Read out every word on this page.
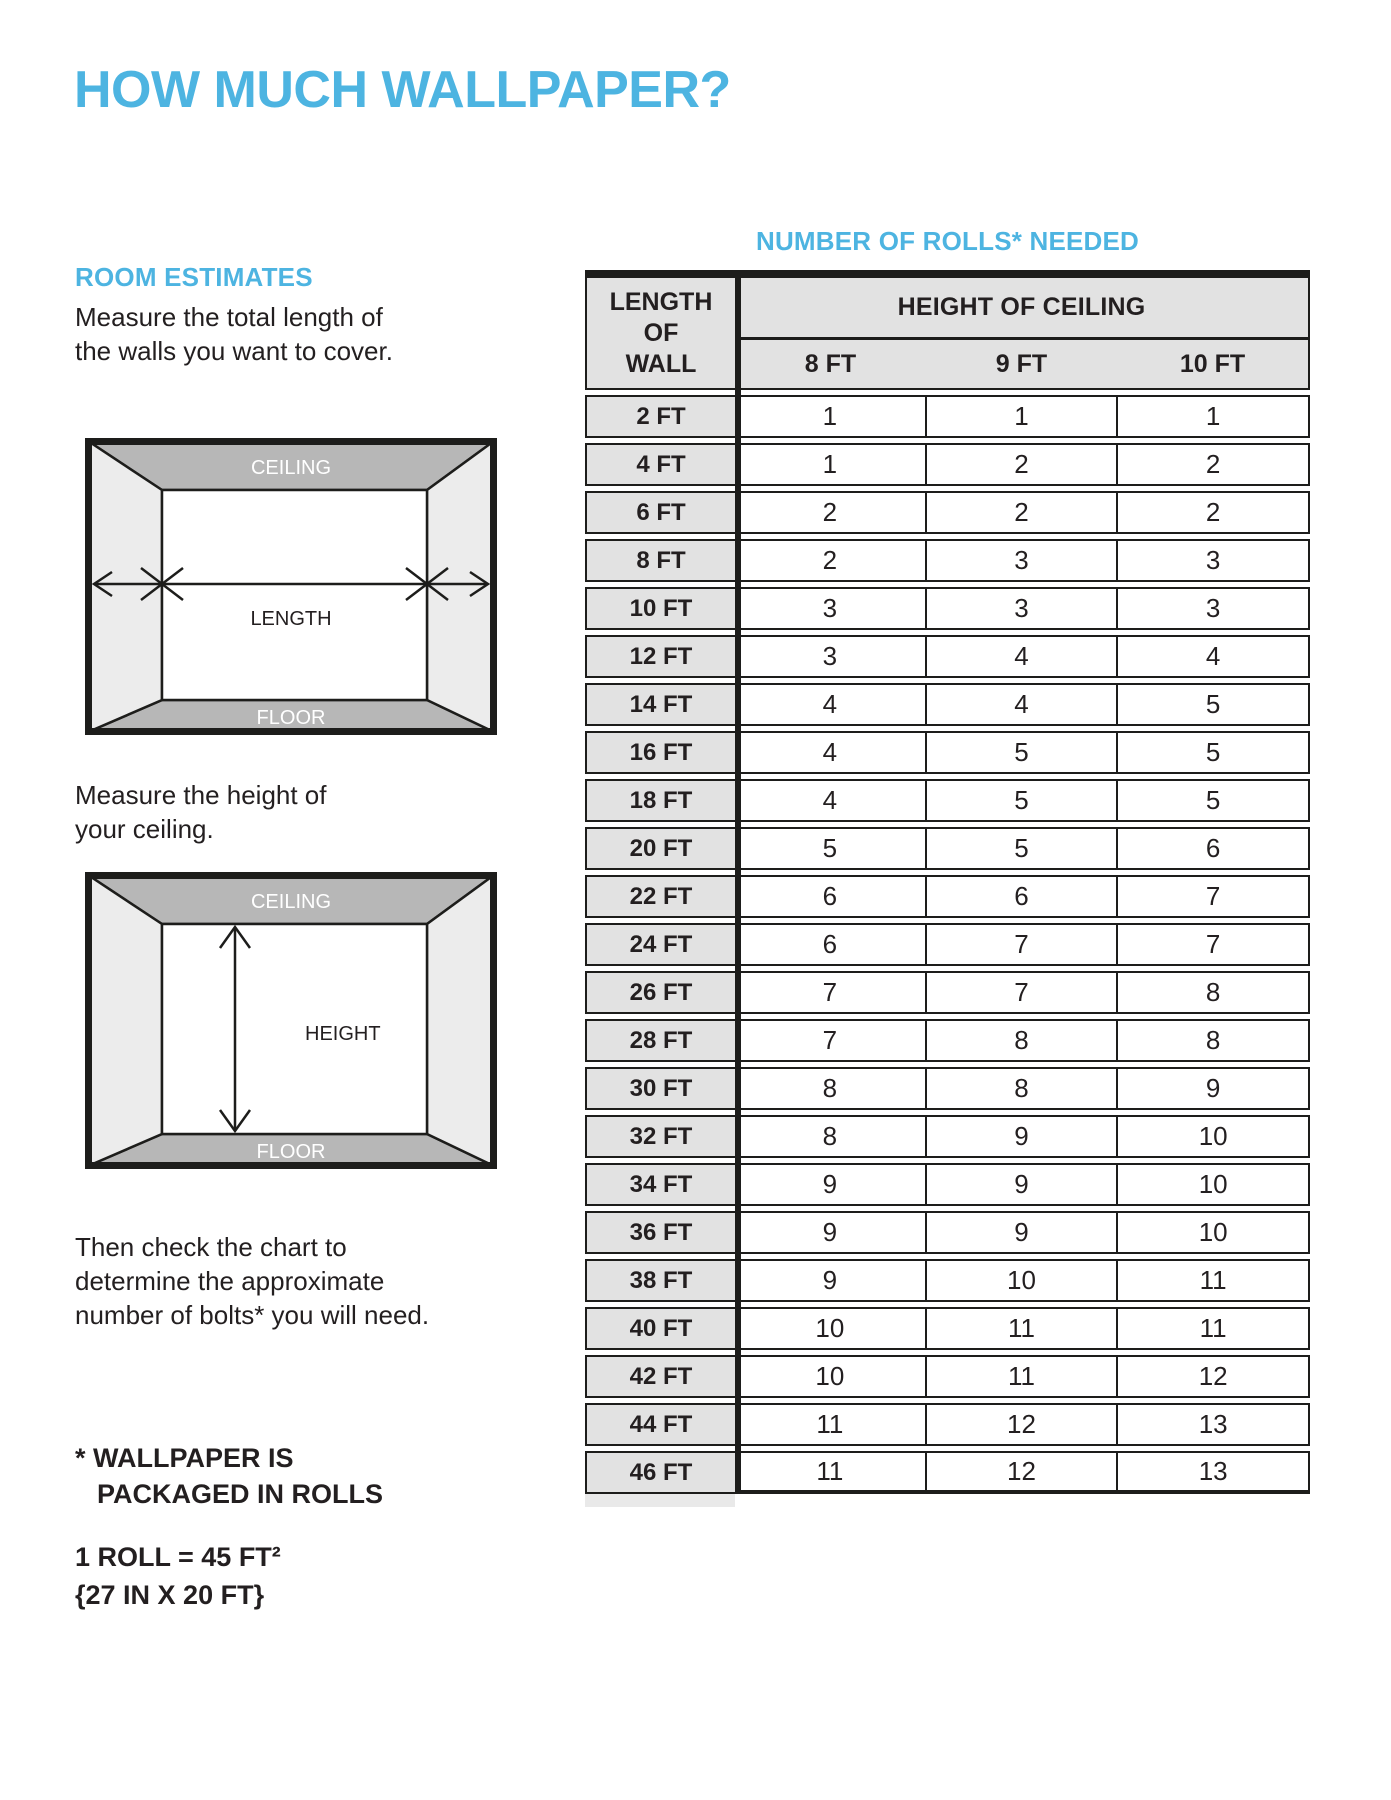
HOW MUCH WALLPAPER?
ROOM ESTIMATES
Measure the total length of
the walls you want to cover.
CEILING
FLOOR
LENGTH
Measure the height of
your ceiling.
CEILING
FLOOR
HEIGHT
Then check the chart to
determine the approximate
number of bolts* you will need.
* WALLPAPER IS
PACKAGED IN ROLLS
1 ROLL = 45 FT²
{27 IN X 20 FT}
NUMBER OF ROLLS* NEEDED
LENGTH OF WALL
HEIGHT OF CEILING
8 FT	9 FT	10 FT
2 FT	1	1	1
4 FT	1	2	2
6 FT	2	2	2
8 FT	2	3	3
10 FT	3	3	3
12 FT	3	4	4
14 FT	4	4	5
16 FT	4	5	5
18 FT	4	5	5
20 FT	5	5	6
22 FT	6	6	7
24 FT	6	7	7
26 FT	7	7	8
28 FT	7	8	8
30 FT	8	8	9
32 FT	8	9	10
34 FT	9	9	10
36 FT	9	9	10
38 FT	9	10	11
40 FT	10	11	11
42 FT	10	11	12
44 FT	11	12	13
46 FT	11	12	13
